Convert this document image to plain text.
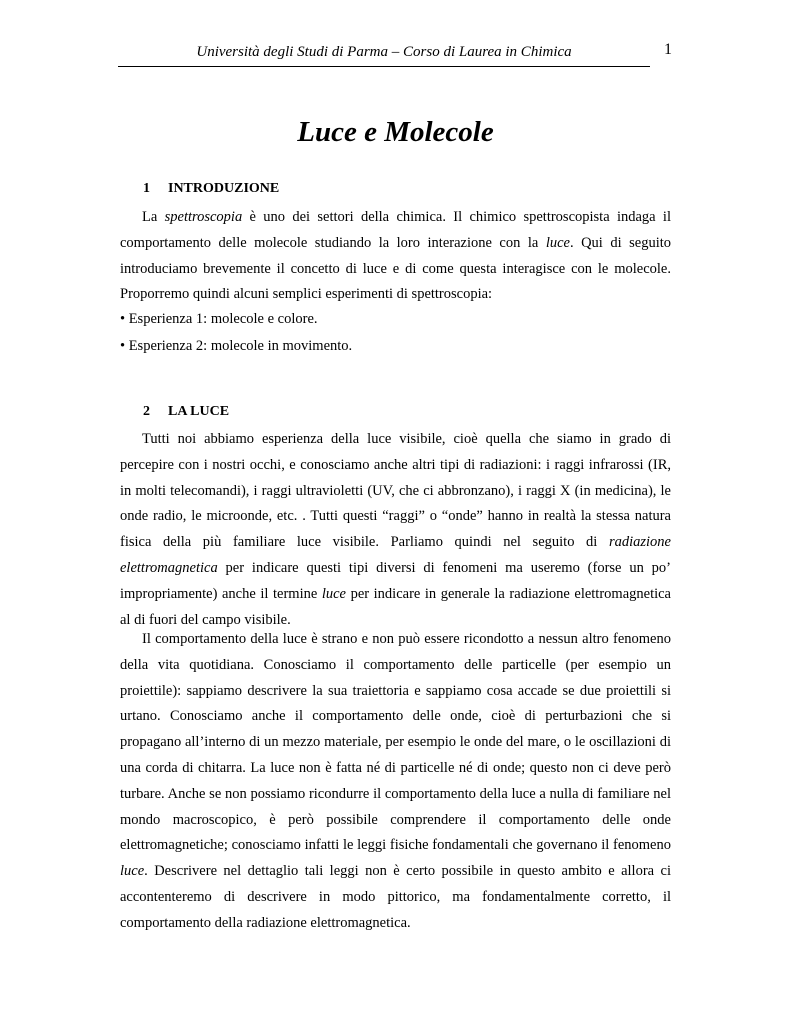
Università degli Studi di Parma – Corso di Laurea in Chimica	1
Luce e Molecole
1 INTRODUZIONE

La spettroscopia è uno dei settori della chimica. Il chimico spettroscopista indaga il comportamento delle molecole studiando la loro interazione con la luce. Qui di seguito introduciamo brevemente il concetto di luce e di come questa interagisce con le molecole. Proporremo quindi alcuni semplici esperimenti di spettroscopia:

• Esperienza 1: molecole e colore.

• Esperienza 2: molecole in movimento.

2 LA LUCE

Tutti noi abbiamo esperienza della luce visibile, cioè quella che siamo in grado di percepire con i nostri occhi, e conosciamo anche altri tipi di radiazioni: i raggi infrarossi (IR, in molti telecomandi), i raggi ultravioletti (UV, che ci abbronzano), i raggi X (in medicina), le onde radio, le microonde, etc. . Tutti questi “raggi” o “onde” hanno in realtà la stessa natura fisica della più familiare luce visibile. Parliamo quindi nel seguito di radiazione elettromagnetica per indicare questi tipi diversi di fenomeni ma useremo (forse un po’ impropriamente) anche il termine luce per indicare in generale la radiazione elettromagnetica al di fuori del campo visibile.

Il comportamento della luce è strano e non può essere ricondotto a nessun altro fenomeno della vita quotidiana. Conosciamo il comportamento delle particelle (per esempio un proiettile): sappiamo descrivere la sua traiettoria e sappiamo cosa accade se due proiettili si urtano. Conosciamo anche il comportamento delle onde, cioè di perturbazioni che si propagano all’interno di un mezzo materiale, per esempio le onde del mare, o le oscillazioni di una corda di chitarra. La luce non è fatta né di particelle né di onde; questo non ci deve però turbare. Anche se non possiamo ricondurre il comportamento della luce a nulla di familiare nel mondo macroscopico, è però possibile comprendere il comportamento delle onde elettromagnetiche; conosciamo infatti le leggi fisiche fondamentali che governano il fenomeno luce. Descrivere nel dettaglio tali leggi non è certo possibile in questo ambito e allora ci accontenteremo di descrivere in modo pittorico, ma fondamentalmente corretto, il comportamento della radiazione elettromagnetica.
